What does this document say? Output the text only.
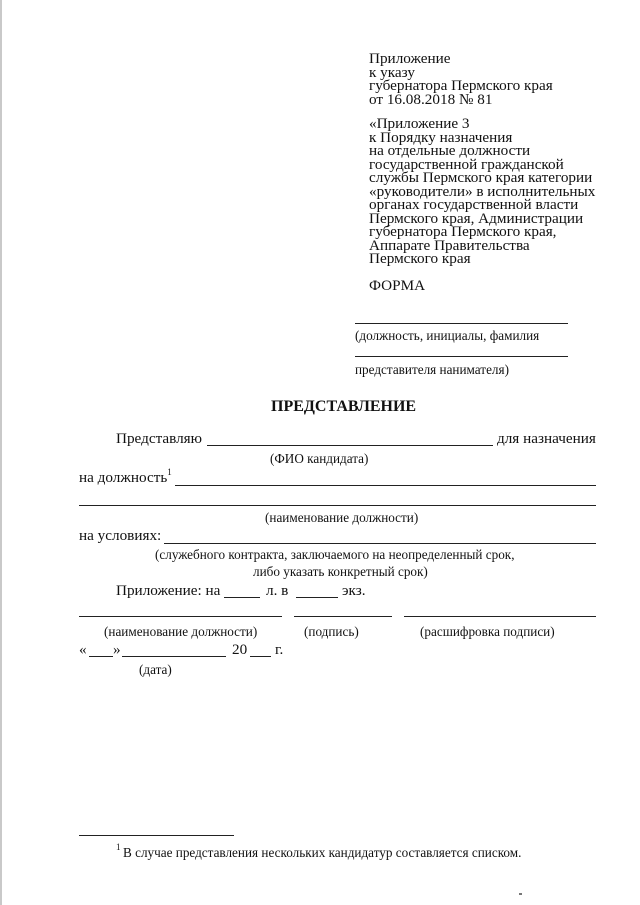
Приложение
к указу
губернатора Пермского края
от 16.08.2018 № 81
«Приложение 3
к Порядку назначения
на отдельные должности
государственной гражданской
службы Пермского края категории
«руководители» в исполнительных
органах государственной власти
Пермского края, Администрации
губернатора Пермского края,
Аппарате Правительства
Пермского края
ФОРМА
(должность, инициалы, фамилия
представителя нанимателя)
ПРЕДСТАВЛЕНИЕ
Представляю	для назначения
(ФИО кандидата)
на должность$^1$
(наименование должности)
на условиях:
(служебного контракта, заключаемого на неопределенный срок,
либо указать конкретный срок)
Приложение: на	л. в	экз.
(наименование должности)	(подпись)	(расшифровка подписи)
« »	20 г.
(дата)
1 В случае представления нескольких кандидатур составляется списком.
